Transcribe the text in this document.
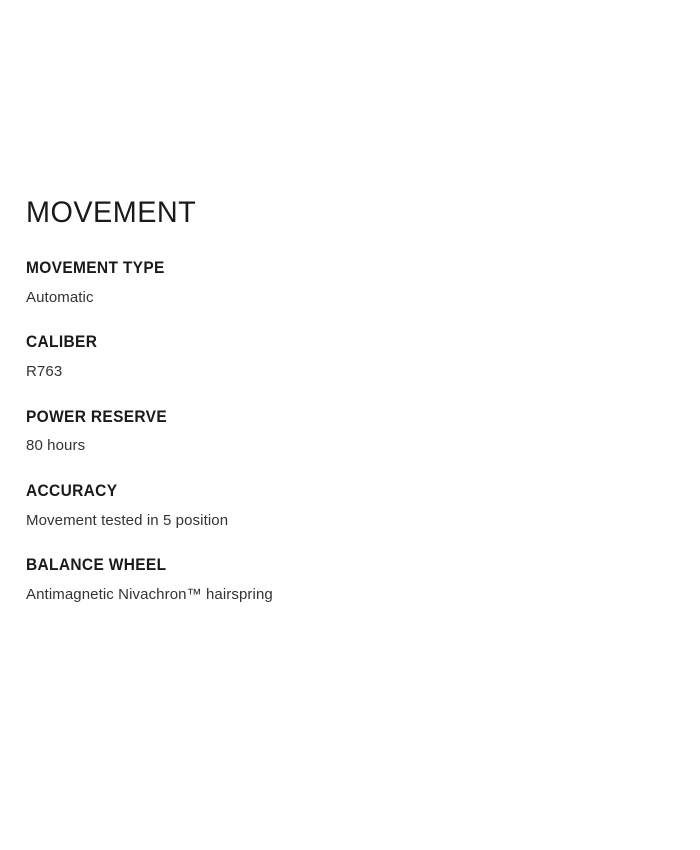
MOVEMENT
MOVEMENT TYPE
Automatic
CALIBER
R763
POWER RESERVE
80 hours
ACCURACY
Movement tested in 5 position
BALANCE WHEEL
Antimagnetic Nivachron™ hairspring
